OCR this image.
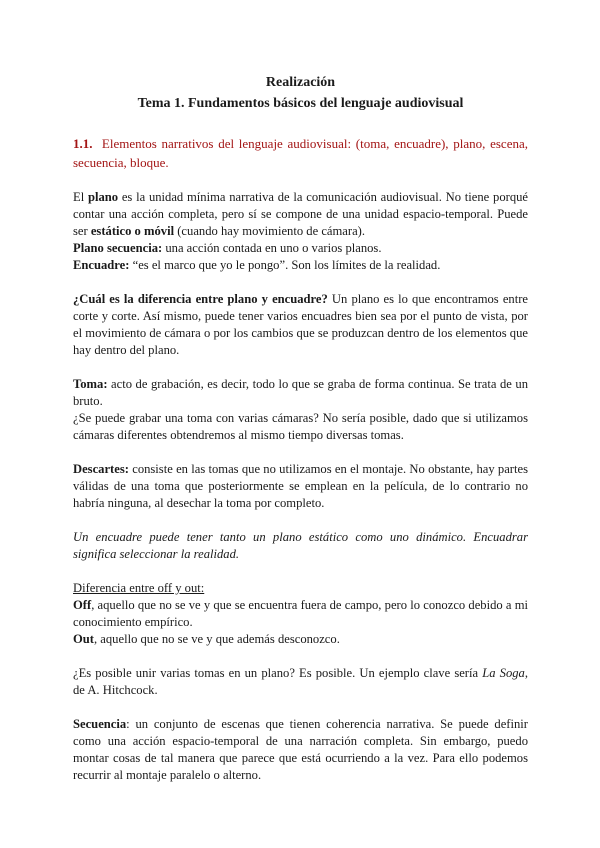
Realización
Tema 1. Fundamentos básicos del lenguaje audiovisual

1.1. Elementos narrativos del lenguaje audiovisual: (toma, encuadre), plano, escena, secuencia, bloque.

El plano es la unidad mínima narrativa de la comunicación audiovisual. No tiene porqué contar una acción completa, pero sí se compone de una unidad espacio-temporal. Puede ser estático o móvil (cuando hay movimiento de cámara).

Plano secuencia: una acción contada en uno o varios planos.

Encuadre: “es el marco que yo le pongo”. Son los límites de la realidad.

¿Cuál es la diferencia entre plano y encuadre? Un plano es lo que encontramos entre corte y corte. Así mismo, puede tener varios encuadres bien sea por el punto de vista, por el movimiento de cámara o por los cambios que se produzcan dentro de los elementos que hay dentro del plano.

Toma: acto de grabación, es decir, todo lo que se graba de forma continua. Se trata de un bruto.

¿Se puede grabar una toma con varias cámaras? No sería posible, dado que si utilizamos cámaras diferentes obtendremos al mismo tiempo diversas tomas.

Descartes: consiste en las tomas que no utilizamos en el montaje. No obstante, hay partes válidas de una toma que posteriormente se emplean en la película, de lo contrario no habría ninguna, al desechar la toma por completo.

Un encuadre puede tener tanto un plano estático como uno dinámico. Encuadrar significa seleccionar la realidad.

Diferencia entre off y out:

Off, aquello que no se ve y que se encuentra fuera de campo, pero lo conozco debido a mi conocimiento empírico.

Out, aquello que no se ve y que además desconozco.

¿Es posible unir varias tomas en un plano? Es posible. Un ejemplo clave sería La Soga, de A. Hitchcock.

Secuencia: un conjunto de escenas que tienen coherencia narrativa. Se puede definir como una acción espacio-temporal de una narración completa. Sin embargo, puedo montar cosas de tal manera que parece que está ocurriendo a la vez. Para ello podemos recurrir al montaje paralelo o alterno.
